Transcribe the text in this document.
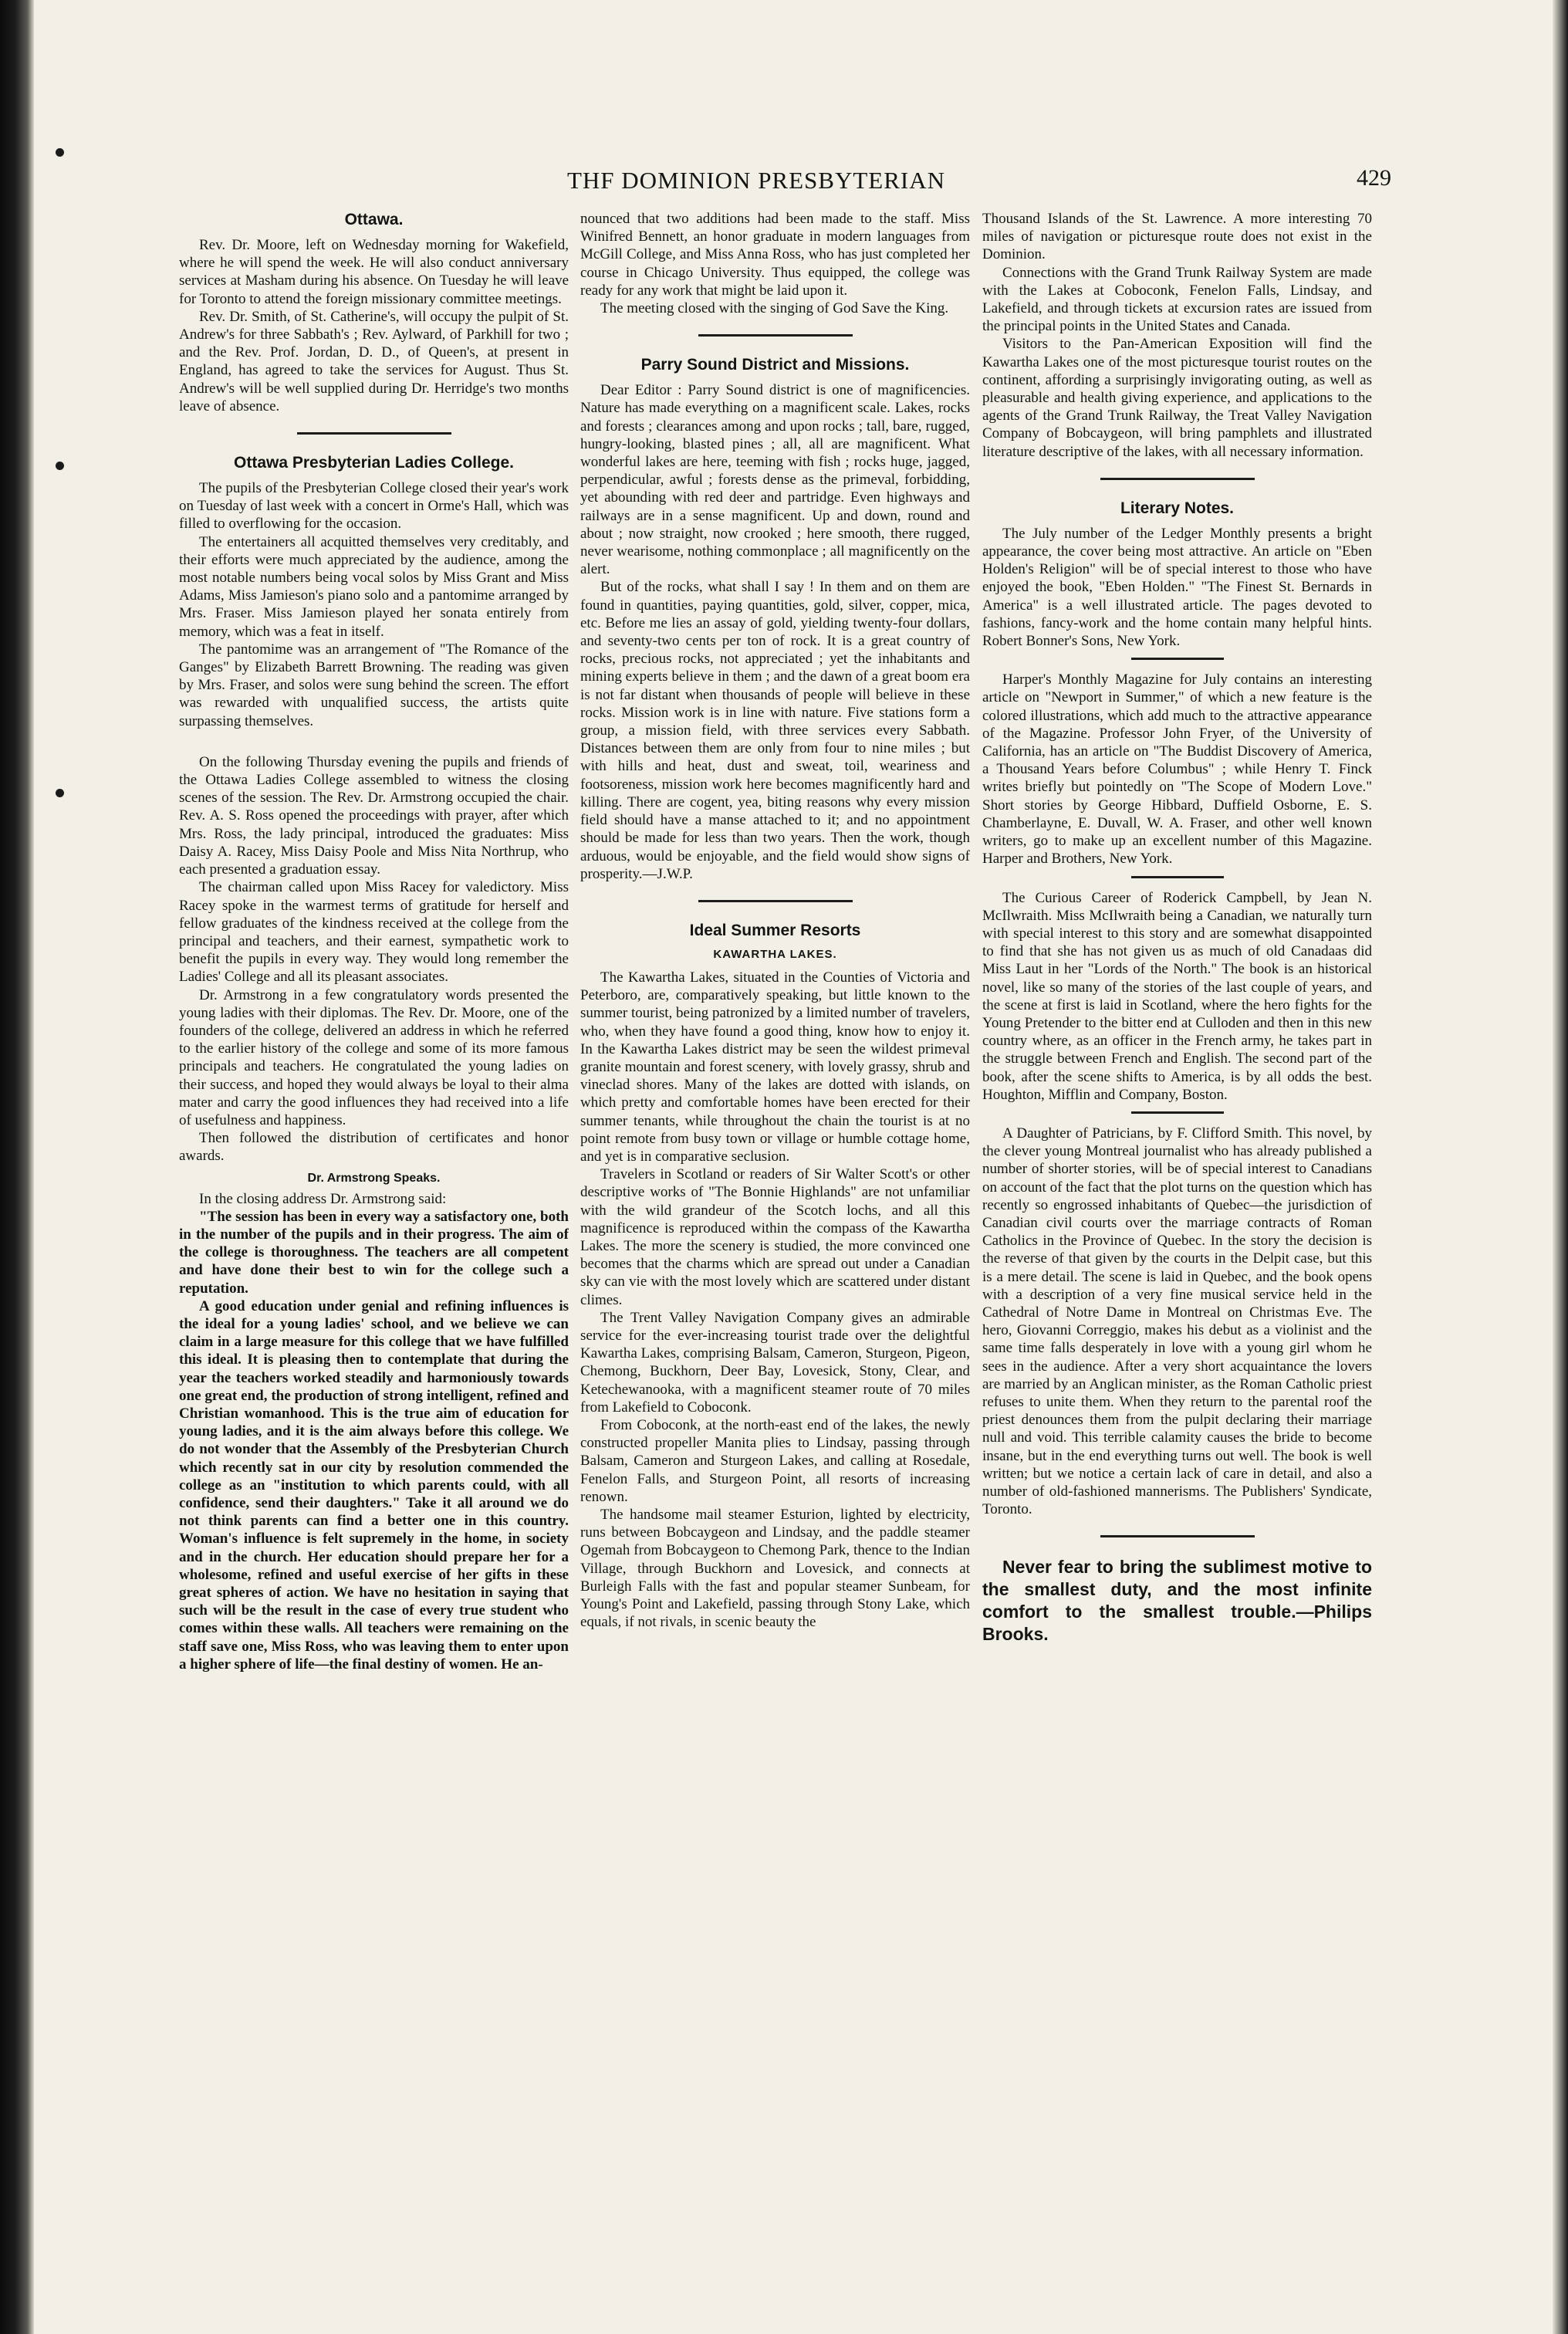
THF DOMINION PRESBYTERIAN	429
Ottawa.

Rev. Dr. Moore, left on Wednesday morning for Wakefield, where he will spend the week. He will also conduct anniversary services at Masham during his absence. On Tuesday he will leave for Toronto to attend the foreign missionary committee meetings.

Rev. Dr. Smith, of St. Catherine's, will occupy the pulpit of St. Andrew's for three Sabbath's ; Rev. Aylward, of Parkhill for two ; and the Rev. Prof. Jordan, D. D., of Queen's, at present in England, has agreed to take the services for August. Thus St. Andrew's will be well supplied during Dr. Herridge's two months leave of absence.

Ottawa Presbyterian Ladies College.

The pupils of the Presbyterian College closed their year's work on Tuesday of last week with a concert in Orme's Hall, which was filled to overflowing for the occasion.

The entertainers all acquitted themselves very creditably, and their efforts were much appreciated by the audience, among the most notable numbers being vocal solos by Miss Grant and Miss Adams, Miss Jamieson's piano solo and a pantomime arranged by Mrs. Fraser. Miss Jamieson played her sonata entirely from memory, which was a feat in itself.

The pantomime was an arrangement of "The Romance of the Ganges" by Elizabeth Barrett Browning. The reading was given by Mrs. Fraser, and solos were sung behind the screen. The effort was rewarded with unqualified success, the artists quite surpassing themselves.

On the following Thursday evening the pupils and friends of the Ottawa Ladies College assembled to witness the closing scenes of the session. The Rev. Dr. Armstrong occupied the chair. Rev. A. S. Ross opened the proceedings with prayer, after which Mrs. Ross, the lady principal, introduced the graduates: Miss Daisy A. Racey, Miss Daisy Poole and Miss Nita Northrup, who each presented a graduation essay.

The chairman called upon Miss Racey for valedictory. Miss Racey spoke in the warmest terms of gratitude for herself and fellow graduates of the kindness received at the college from the principal and teachers, and their earnest, sympathetic work to benefit the pupils in every way. They would long remember the Ladies' College and all its pleasant associates.

Dr. Armstrong in a few congratulatory words presented the young ladies with their diplomas. The Rev. Dr. Moore, one of the founders of the college, delivered an address in which he referred to the earlier history of the college and some of its more famous principals and teachers. He congratulated the young ladies on their success, and hoped they would always be loyal to their alma mater and carry the good influences they had received into a life of usefulness and happiness.

Then followed the distribution of certificates and honor awards.

Dr. Armstrong Speaks.

In the closing address Dr. Armstrong said:

"The session has been in every way a satisfactory one, both in the number of the pupils and in their progress. The aim of the college is thoroughness. The teachers are all competent and have done their best to win for the college such a reputation.

A good education under genial and refining influences is the ideal for a young ladies' school, and we believe we can claim in a large measure for this college that we have fulfilled this ideal. It is pleasing then to contemplate that during the year the teachers worked steadily and harmoniously towards one great end, the production of strong intelligent, refined and Christian womanhood. This is the true aim of education for young ladies, and it is the aim always before this college. We do not wonder that the Assembly of the Presbyterian Church which recently sat in our city by resolution commended the college as an "institution to which parents could, with all confidence, send their daughters." Take it all around we do not think parents can find a better one in this country. Woman's influence is felt supremely in the home, in society and in the church. Her education should prepare her for a wholesome, refined and useful exercise of her gifts in these great spheres of action. We have no hesitation in saying that such will be the result in the case of every true student who comes within these walls. All teachers were remaining on the staff save one, Miss Ross, who was leaving them to enter upon a higher sphere of life—the final destiny of women. He an-

nounced that two additions had been made to the staff. Miss Winifred Bennett, an honor graduate in modern languages from McGill College, and Miss Anna Ross, who has just completed her course in Chicago University. Thus equipped, the college was ready for any work that might be laid upon it.

The meeting closed with the singing of God Save the King.

Parry Sound District and Missions.

Dear Editor : Parry Sound district is one of magnificencies. Nature has made everything on a magnificent scale. Lakes, rocks and forests ; clearances among and upon rocks ; tall, bare, rugged, hungry-looking, blasted pines ; all, all are magnificent. What wonderful lakes are here, teeming with fish ; rocks huge, jagged, perpendicular, awful ; forests dense as the primeval, forbidding, yet abounding with red deer and partridge. Even highways and railways are in a sense magnificent. Up and down, round and about ; now straight, now crooked ; here smooth, there rugged, never wearisome, nothing commonplace ; all magnificently on the alert.

But of the rocks, what shall I say ! In them and on them are found in quantities, paying quantities, gold, silver, copper, mica, etc. Before me lies an assay of gold, yielding twenty-four dollars, and seventy-two cents per ton of rock. It is a great country of rocks, precious rocks, not appreciated ; yet the inhabitants and mining experts believe in them ; and the dawn of a great boom era is not far distant when thousands of people will believe in these rocks. Mission work is in line with nature. Five stations form a group, a mission field, with three services every Sabbath. Distances between them are only from four to nine miles ; but with hills and heat, dust and sweat, toil, weariness and footsoreness, mission work here becomes magnificently hard and killing. There are cogent, yea, biting reasons why every mission field should have a manse attached to it; and no appointment should be made for less than two years. Then the work, though arduous, would be enjoyable, and the field would show signs of prosperity.—J.W.P.

Ideal Summer Resorts
KAWARTHA LAKES.

The Kawartha Lakes, situated in the Counties of Victoria and Peterboro, are, comparatively speaking, but little known to the summer tourist, being patronized by a limited number of travelers, who, when they have found a good thing, know how to enjoy it. In the Kawartha Lakes district may be seen the wildest primeval granite mountain and forest scenery, with lovely grassy, shrub and vineclad shores. Many of the lakes are dotted with islands, on which pretty and comfortable homes have been erected for their summer tenants, while throughout the chain the tourist is at no point remote from busy town or village or humble cottage home, and yet is in comparative seclusion.

Travelers in Scotland or readers of Sir Walter Scott's or other descriptive works of "The Bonnie Highlands" are not unfamiliar with the wild grandeur of the Scotch lochs, and all this magnificence is reproduced within the compass of the Kawartha Lakes. The more the scenery is studied, the more convinced one becomes that the charms which are spread out under a Canadian sky can vie with the most lovely which are scattered under distant climes.

The Trent Valley Navigation Company gives an admirable service for the ever-increasing tourist trade over the delightful Kawartha Lakes, comprising Balsam, Cameron, Sturgeon, Pigeon, Chemong, Buckhorn, Deer Bay, Lovesick, Stony, Clear, and Ketechewanooka, with a magnificent steamer route of 70 miles from Lakefield to Coboconk.

From Coboconk, at the north-east end of the lakes, the newly constructed propeller Manita plies to Lindsay, passing through Balsam, Cameron and Sturgeon Lakes, and calling at Rosedale, Fenelon Falls, and Sturgeon Point, all resorts of increasing renown.

The handsome mail steamer Esturion, lighted by electricity, runs between Bobcaygeon and Lindsay, and the paddle steamer Ogemah from Bobcaygeon to Chemong Park, thence to the Indian Village, through Buckhorn and Lovesick, and connects at Burleigh Falls with the fast and popular steamer Sunbeam, for Young's Point and Lakefield, passing through Stony Lake, which equals, if not rivals, in scenic beauty the

Thousand Islands of the St. Lawrence. A more interesting 70 miles of navigation or picturesque route does not exist in the Dominion.

Connections with the Grand Trunk Railway System are made with the Lakes at Coboconk, Fenelon Falls, Lindsay, and Lakefield, and through tickets at excursion rates are issued from the principal points in the United States and Canada.

Visitors to the Pan-American Exposition will find the Kawartha Lakes one of the most picturesque tourist routes on the continent, affording a surprisingly invigorating outing, as well as pleasurable and health giving experience, and applications to the agents of the Grand Trunk Railway, the Treat Valley Navigation Company of Bobcaygeon, will bring pamphlets and illustrated literature descriptive of the lakes, with all necessary information.

Literary Notes.

The July number of the Ledger Monthly presents a bright appearance, the cover being most attractive. An article on "Eben Holden's Religion" will be of special interest to those who have enjoyed the book, "Eben Holden." "The Finest St. Bernards in America" is a well illustrated article. The pages devoted to fashions, fancy-work and the home contain many helpful hints. Robert Bonner's Sons, New York.

Harper's Monthly Magazine for July contains an interesting article on "Newport in Summer," of which a new feature is the colored illustrations, which add much to the attractive appearance of the Magazine. Professor John Fryer, of the University of California, has an article on "The Buddist Discovery of America, a Thousand Years before Columbus" ; while Henry T. Finck writes briefly but pointedly on "The Scope of Modern Love." Short stories by George Hibbard, Duffield Osborne, E. S. Chamberlayne, E. Duvall, W. A. Fraser, and other well known writers, go to make up an excellent number of this Magazine. Harper and Brothers, New York.

The Curious Career of Roderick Campbell, by Jean N. McIlwraith. Miss McIlwraith being a Canadian, we naturally turn with special interest to this story and are somewhat disappointed to find that she has not given us as much of old Canadaas did Miss Laut in her "Lords of the North." The book is an historical novel, like so many of the stories of the last couple of years, and the scene at first is laid in Scotland, where the hero fights for the Young Pretender to the bitter end at Culloden and then in this new country where, as an officer in the French army, he takes part in the struggle between French and English. The second part of the book, after the scene shifts to America, is by all odds the best. Houghton, Mifflin and Company, Boston.

A Daughter of Patricians, by F. Clifford Smith. This novel, by the clever young Montreal journalist who has already published a number of shorter stories, will be of special interest to Canadians on account of the fact that the plot turns on the question which has recently so engrossed inhabitants of Quebec—the jurisdiction of Canadian civil courts over the marriage contracts of Roman Catholics in the Province of Quebec. In the story the decision is the reverse of that given by the courts in the Delpit case, but this is a mere detail. The scene is laid in Quebec, and the book opens with a description of a very fine musical service held in the Cathedral of Notre Dame in Montreal on Christmas Eve. The hero, Giovanni Correggio, makes his debut as a violinist and the same time falls desperately in love with a young girl whom he sees in the audience. After a very short acquaintance the lovers are married by an Anglican minister, as the Roman Catholic priest refuses to unite them. When they return to the parental roof the priest denounces them from the pulpit declaring their marriage null and void. This terrible calamity causes the bride to become insane, but in the end everything turns out well. The book is well written; but we notice a certain lack of care in detail, and also a number of old-fashioned mannerisms. The Publishers' Syndicate, Toronto.

Never fear to bring the sublimest motive to the smallest duty, and the most infinite comfort to the smallest trouble.—Philips Brooks.
